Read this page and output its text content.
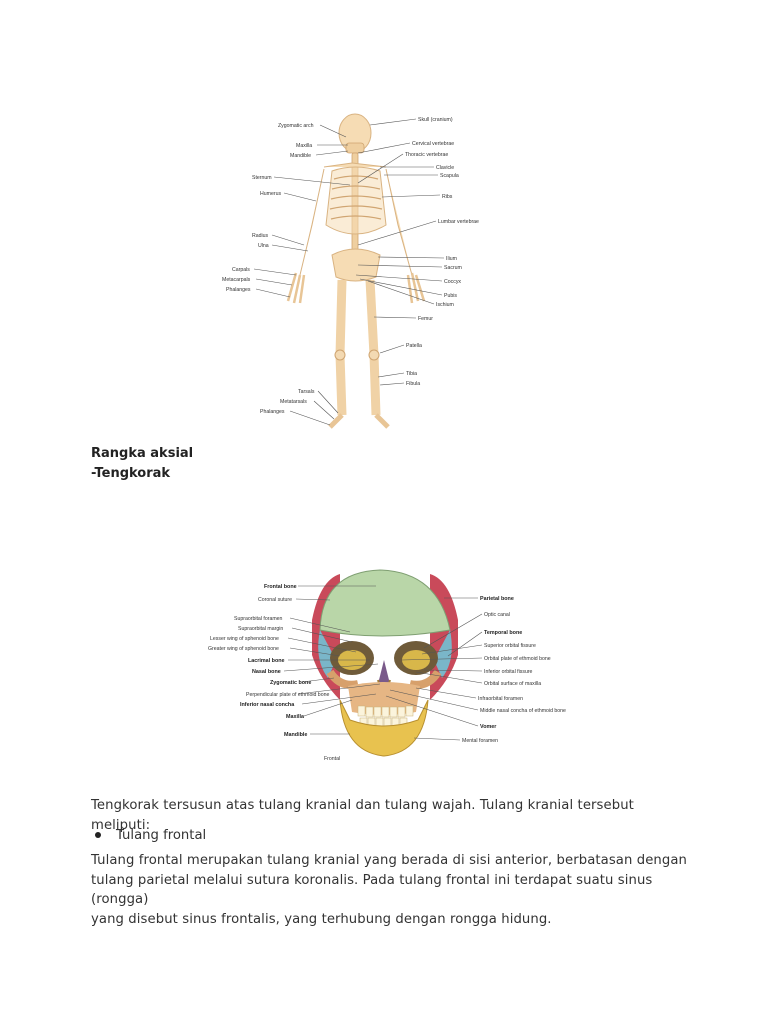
Zygomatic arch
Maxilla
Mandible
Sternum
Humerus
Radius
Ulna
Carpals
Metacarpals
Phalanges
Tarsals
Metatarsals
Phalanges
Skull (cranium)
Cervical vertebrae
Thoracic vertebrae
Clavicle
Scapula
Ribs
Lumbar vertebrae
Ilium
Sacrum
Coccyx
Pubis
Ischium
Femur
Patella
Tibia
Fibula

Rangka aksial

-Tengkorak

Frontal bone
Coronal suture
Supraorbital foramen
Supraorbital margin
Lesser wing of sphenoid bone
Greater wing of sphenoid bone
Lacrimal bone
Nasal bone
Zygomatic bone
Perpendicular plate of ethmoid bone
Inferior nasal concha
Maxilla
Mandible
Parietal bone
Optic canal
Temporal bone
Superior orbital fissure
Orbital plate of ethmoid bone
Inferior orbital fissure
Orbital surface of maxilla
Infraorbital foramen
Middle nasal concha of ethmoid bone
Vomer
Mental foramen
Frontal

Tengkorak tersusun atas tulang kranial dan tulang wajah. Tulang kranial tersebut meliputi:

Tulang frontal
Tulang frontal merupakan tulang kranial yang berada di sisi anterior, berbatasan dengan
tulang parietal melalui sutura koronalis. Pada tulang frontal ini terdapat suatu sinus (rongga)
yang disebut sinus frontalis, yang terhubung dengan rongga hidung.
